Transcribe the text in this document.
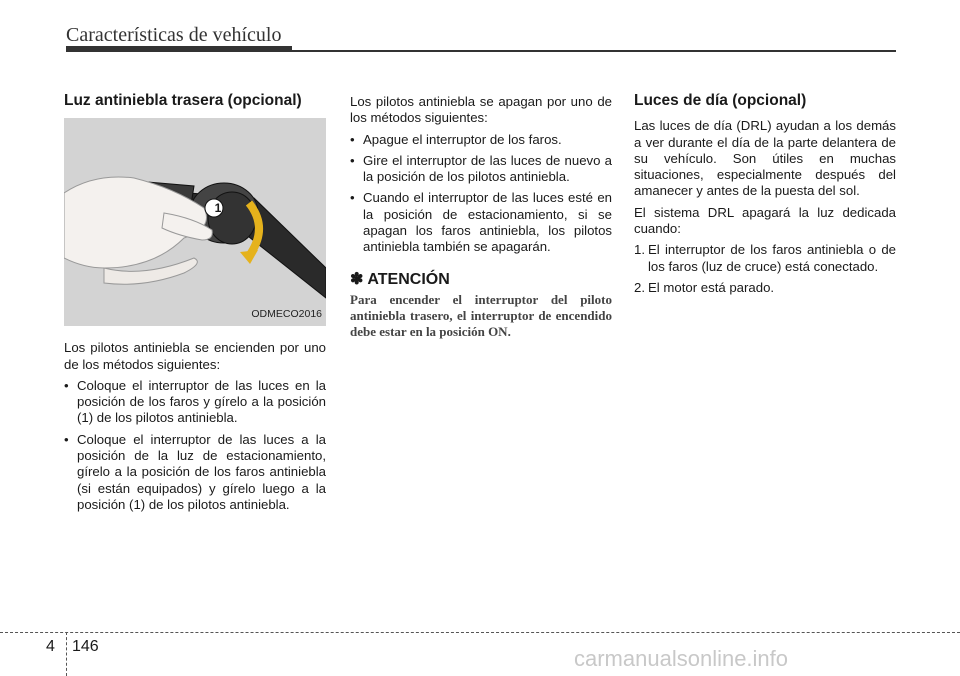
Características de vehículo
Luz antiniebla trasera (opcional)
1
ODMECO2016

Los pilotos antiniebla se encienden por uno de los métodos siguientes:

• Coloque el interruptor de las luces en la posición de los faros y gírelo a la posición (1) de los pilotos antiniebla.
• Coloque el interruptor de las luces a la posición de la luz de estacionamiento, gírelo a la posición de los faros antiniebla (si están equipados) y gírelo luego a la posición (1) de los pilotos antiniebla.

Los pilotos antiniebla se apagan por uno de los métodos siguientes:

• Apague el interruptor de los faros.
• Gire el interruptor de las luces de nuevo a la posición de los pilotos antiniebla.
• Cuando el interruptor de las luces esté en la posición de estacionamiento, si se apagan los faros antiniebla, los pilotos antiniebla también se apagarán.
✽ ATENCIÓN
Para encender el interruptor del piloto antiniebla trasero, el interruptor de encendido debe estar en la posición ON.
Luces de día (opcional)

Las luces de día (DRL) ayudan a los demás a ver durante el día de la parte delantera de su vehículo. Son útiles en muchas situaciones, especialmente después del amanecer y antes de la puesta del sol.

El sistema DRL apagará la luz dedicada cuando:

1. El interruptor de los faros antiniebla o de los faros (luz de cruce) está conectado.
2. El motor está parado.
4 146	carmanualsonline.info
